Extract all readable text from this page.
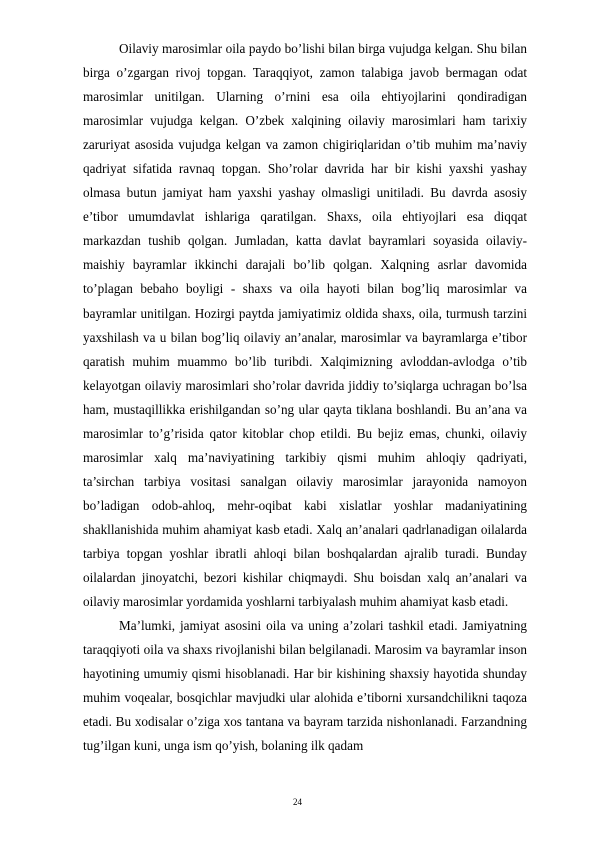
Oilaviy marosimlar oila paydo bo’lishi bilan birga vujudga kelgan. Shu bilan birga o’zgargan rivoj topgan. Taraqqiyot, zamon talabiga javob bermagan odat marosimlar unitilgan. Ularning o’rnini esa oila ehtiyojlarini qondiradigan marosimlar vujudga kelgan. O’zbek xalqining oilaviy marosimlari ham tarixiy zaruriyat asosida vujudga kelgan va zamon chigiriqlaridan o’tib muhim ma’naviy qadriyat sifatida ravnaq topgan. Sho’rolar davrida har bir kishi yaxshi yashay olmasa butun jamiyat ham yaxshi yashay olmasligi unitiladi. Bu davrda asosiy e’tibor umumdavlat ishlariga qaratilgan. Shaxs, oila ehtiyojlari esa diqqat markazdan tushib qolgan. Jumladan, katta davlat bayramlari soyasida oilaviy-maishiy bayramlar ikkinchi darajali bo’lib qolgan. Xalqning asrlar davomida to’plagan bebaho boyligi - shaxs va oila hayoti bilan bog’liq marosimlar va bayramlar unitilgan. Hozirgi paytda jamiyatimiz oldida shaxs, oila, turmush tarzini yaxshilash va u bilan bog’liq oilaviy an’analar, marosimlar va bayramlarga e’tibor qaratish muhim muammo bo’lib turibdi. Xalqimizning avloddan-avlodga o’tib kelayotgan oilaviy marosimlari sho’rolar davrida jiddiy to’siqlarga uchragan bo’lsa ham, mustaqillikka erishilgandan so’ng ular qayta tiklana boshlandi. Bu an’ana va marosimlar to’g’risida qator kitoblar chop etildi. Bu bejiz emas, chunki, oilaviy marosimlar xalq ma’naviyatining tarkibiy qismi muhim ahloqiy qadriyati, ta’sirchan tarbiya vositasi sanalgan oilaviy marosimlar jarayonida namoyon bo’ladigan odob-ahloq, mehr-oqibat kabi xislatlar yoshlar madaniyatining shakllanishida muhim ahamiyat kasb etadi. Xalq an’analari qadrlanadigan oilalarda tarbiya topgan yoshlar ibratli ahloqi bilan boshqalardan ajralib turadi. Bunday oilalardan jinoyatchi, bezori kishilar chiqmaydi. Shu boisdan xalq an’analari va oilaviy marosimlar yordamida yoshlarni tarbiyalash muhim ahamiyat kasb etadi.

Ma’lumki, jamiyat asosini oila va uning a’zolari tashkil etadi. Jamiyatning taraqqiyoti oila va shaxs rivojlanishi bilan belgilanadi. Marosim va bayramlar inson hayotining umumiy qismi hisoblanadi. Har bir kishining shaxsiy hayotida shunday muhim voqealar, bosqichlar mavjudki ular alohida e’tiborni xursandchilikni taqoza etadi. Bu xodisalar o’ziga xos tantana va bayram tarzida nishonlanadi. Farzandning tug’ilgan kuni, unga ism qo’yish, bolaning ilk qadam

24
